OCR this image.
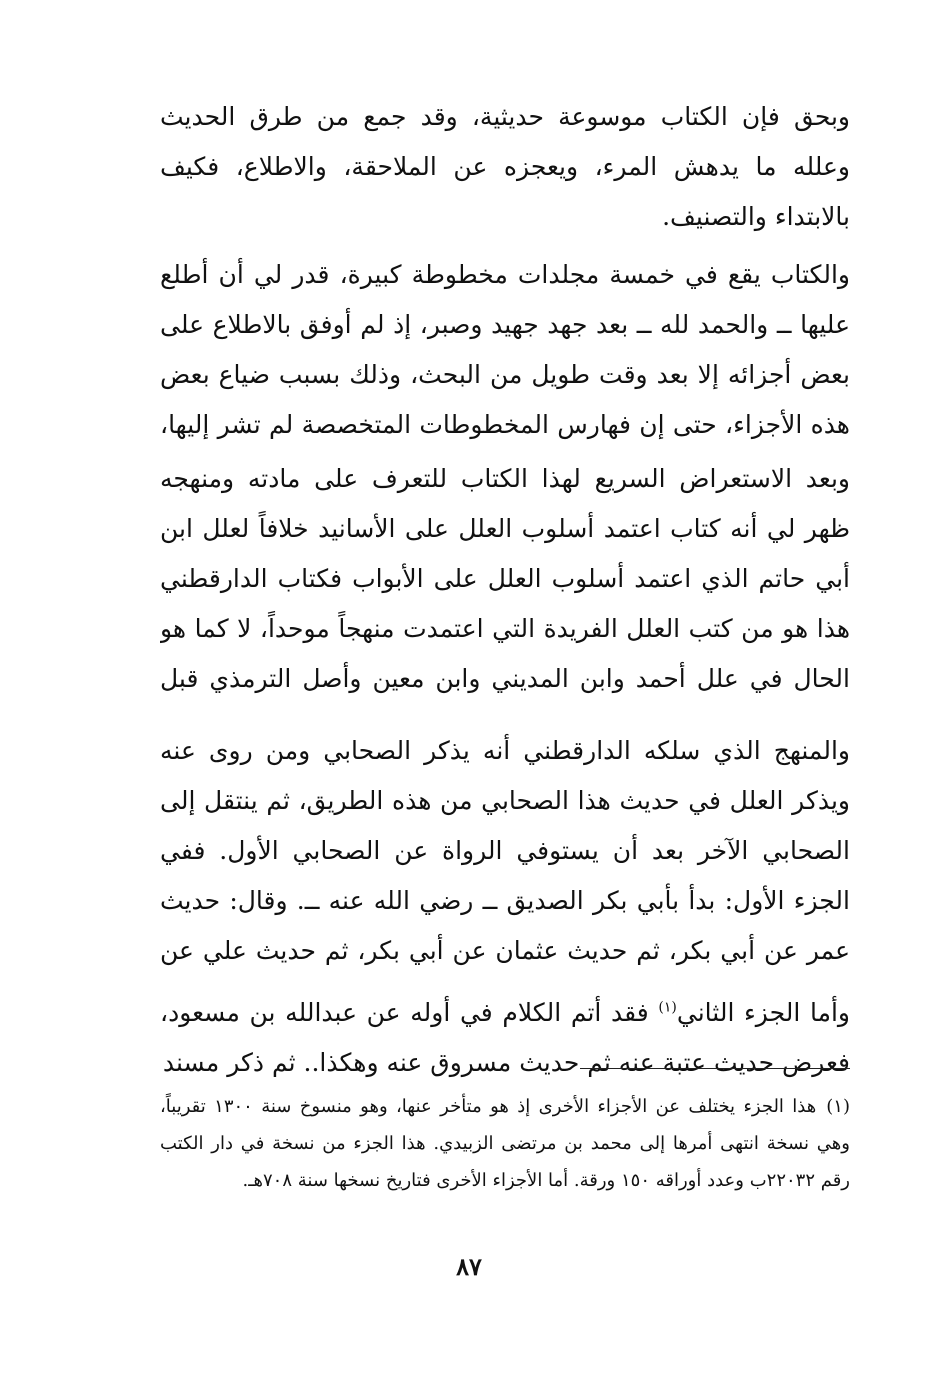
وبحق فإن الكتاب موسوعة حديثية، وقد جمع من طرق الحديث وعلله ما يدهش المرء، ويعجزه عن الملاحقة، والاطلاع، فكيف بالابتداء والتصنيف.

والكتاب يقع في خمسة مجلدات مخطوطة كبيرة، قدر لي أن أطلع عليها ــ والحمد لله ــ بعد جهد جهيد وصبر، إذ لم أوفق بالاطلاع على بعض أجزائه إلا بعد وقت طويل من البحث، وذلك بسبب ضياع بعض هذه الأجزاء، حتى إن فهارس المخطوطات المتخصصة لم تشر إليها،

وبعد الاستعراض السريع لهذا الكتاب للتعرف على مادته ومنهجه ظهر لي أنه كتاب اعتمد أسلوب العلل على الأسانيد خلافاً لعلل ابن أبي حاتم الذي اعتمد أسلوب العلل على الأبواب فكتاب الدارقطني هذا هو من كتب العلل الفريدة التي اعتمدت منهجاً موحداً، لا كما هو الحال في علل أحمد وابن المديني وابن معين وأصل الترمذي قبل

والمنهج الذي سلكه الدارقطني أنه يذكر الصحابي ومن روى عنه ويذكر العلل في حديث هذا الصحابي من هذه الطريق، ثم ينتقل إلى الصحابي الآخر بعد أن يستوفي الرواة عن الصحابي الأول. ففي الجزء الأول: بدأ بأبي بكر الصديق ــ رضي الله عنه ــ. وقال: حديث عمر عن أبي بكر، ثم حديث عثمان عن أبي بكر، ثم حديث علي عن

وأما الجزء الثاني$^{(١)}$ فقد أتم الكلام في أوله عن عبدالله بن مسعود، فعرض حديث عتبة عنه ثم حديث مسروق عنه وهكذا.. ثم ذكر مسند

(١)هذا الجزء يختلف عن الأجزاء الأخرى إذ هو متأخر عنها، وهو منسوخ سنة ١٣٠٠ تقريباً، وهي نسخة انتهى أمرها إلى محمد بن مرتضى الزبيدي. هذا الجزء من نسخة في دار الكتب رقم ٢٢٠٣٢ب وعدد أوراقه ١٥٠ ورقة. أما الأجزاء الأخرى فتاريخ نسخها سنة ٧٠٨هـ.

٨٧
